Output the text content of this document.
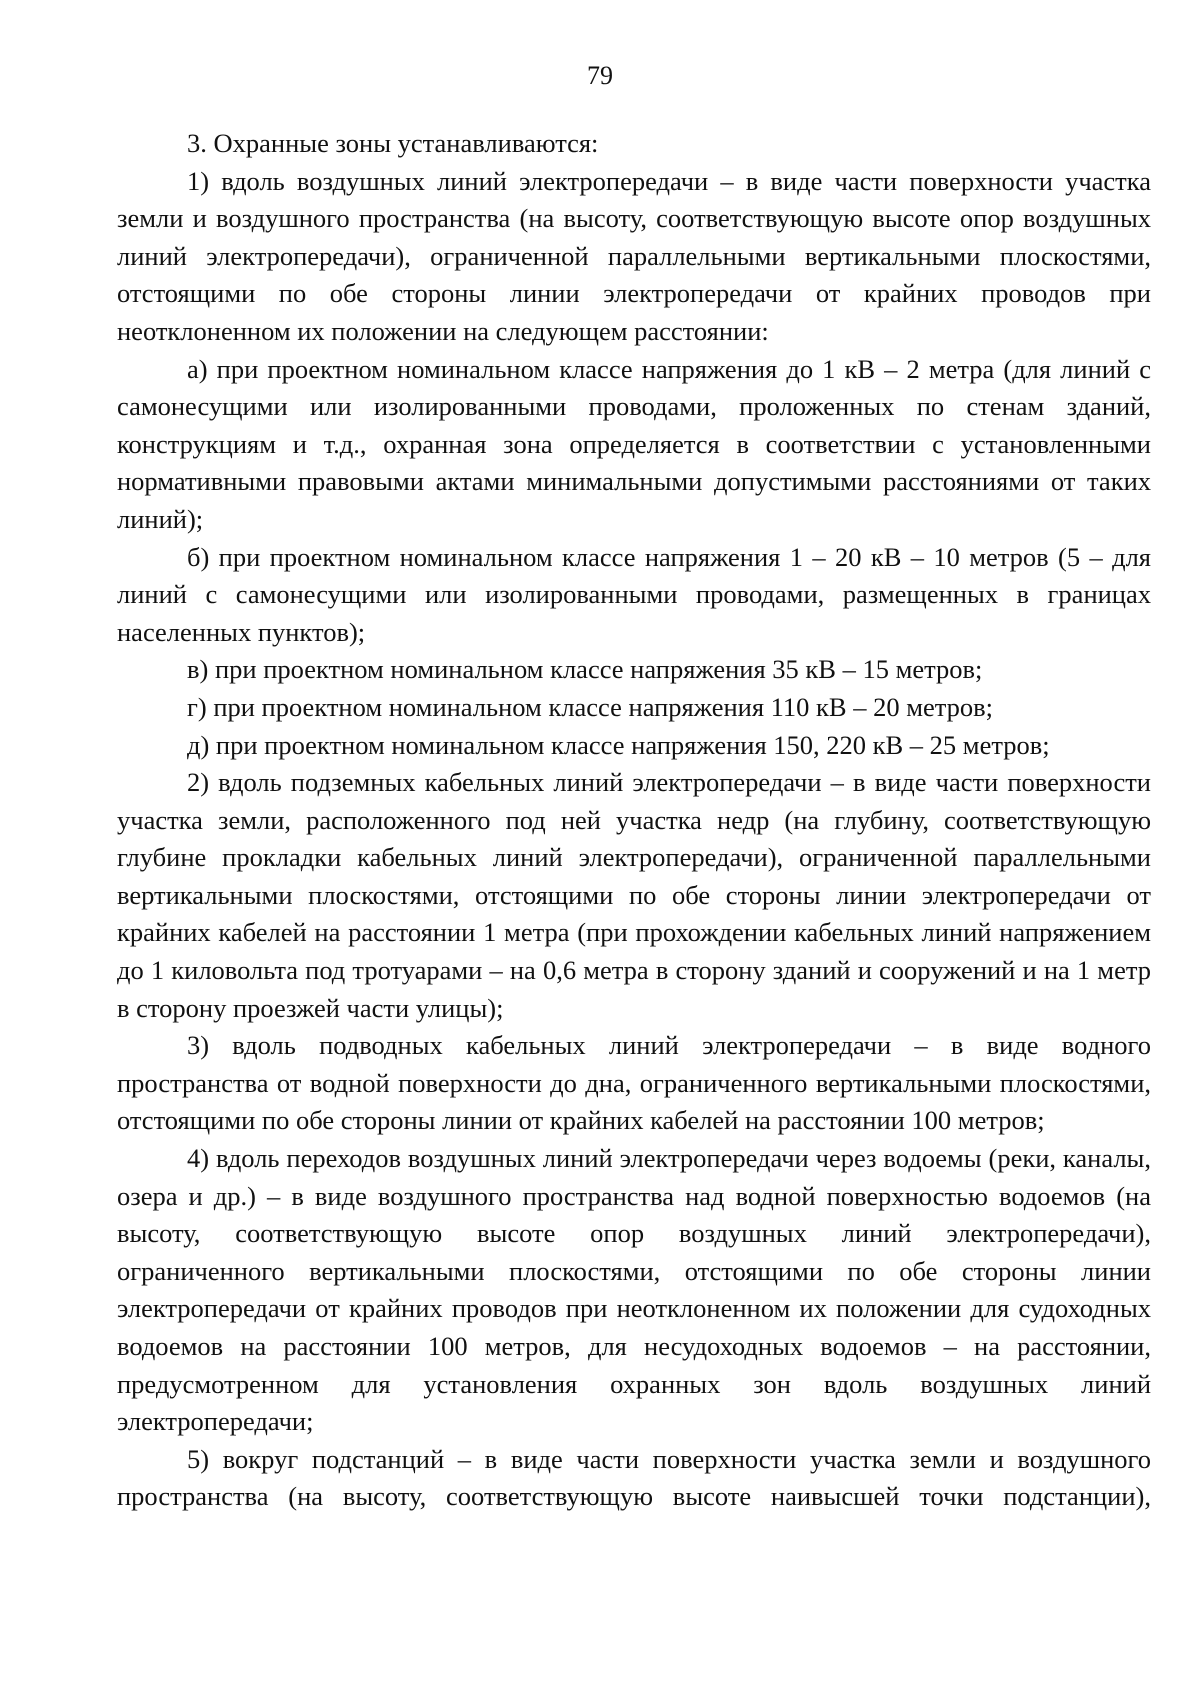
79

3. Охранные зоны устанавливаются:

1) вдоль воздушных линий электропередачи – в виде части поверхности участка земли и воздушного пространства (на высоту, соответствующую высоте опор воздушных линий электропередачи), ограниченной параллельными вертикальными плоскостями, отстоящими по обе стороны линии электропередачи от крайних проводов при неотклоненном их положении на следующем расстоянии:

а) при проектном номинальном классе напряжения до 1 кВ – 2 метра (для линий с самонесущими или изолированными проводами, проложенных по стенам зданий, конструкциям и т.д., охранная зона определяется в соответствии с установленными нормативными правовыми актами минимальными допустимыми расстояниями от таких линий);

б) при проектном номинальном классе напряжения 1 – 20 кВ – 10 метров (5 – для линий с самонесущими или изолированными проводами, размещенных в границах населенных пунктов);

в) при проектном номинальном классе напряжения 35 кВ – 15 метров;

г) при проектном номинальном классе напряжения 110 кВ – 20 метров;

д) при проектном номинальном классе напряжения 150, 220 кВ – 25 метров;

2) вдоль подземных кабельных линий электропередачи – в виде части поверхности участка земли, расположенного под ней участка недр (на глубину, соответствующую глубине прокладки кабельных линий электропередачи), ограниченной параллельными вертикальными плоскостями, отстоящими по обе стороны линии электропередачи от крайних кабелей на расстоянии 1 метра (при прохождении кабельных линий напряжением до 1 киловольта под тротуарами – на 0,6 метра в сторону зданий и сооружений и на 1 метр в сторону проезжей части улицы);

3) вдоль подводных кабельных линий электропередачи – в виде водного пространства от водной поверхности до дна, ограниченного вертикальными плоскостями, отстоящими по обе стороны линии от крайних кабелей на расстоянии 100 метров;

4) вдоль переходов воздушных линий электропередачи через водоемы (реки, каналы, озера и др.) – в виде воздушного пространства над водной поверхностью водоемов (на высоту, соответствующую высоте опор воздушных линий электропередачи), ограниченного вертикальными плоскостями, отстоящими по обе стороны линии электропередачи от крайних проводов при неотклоненном их положении для судоходных водоемов на расстоянии 100 метров, для несудоходных водоемов – на расстоянии, предусмотренном для установления охранных зон вдоль воздушных линий электропередачи;

5) вокруг подстанций – в виде части поверхности участка земли и воздушного пространства (на высоту, соответствующую высоте наивысшей точки подстанции),
